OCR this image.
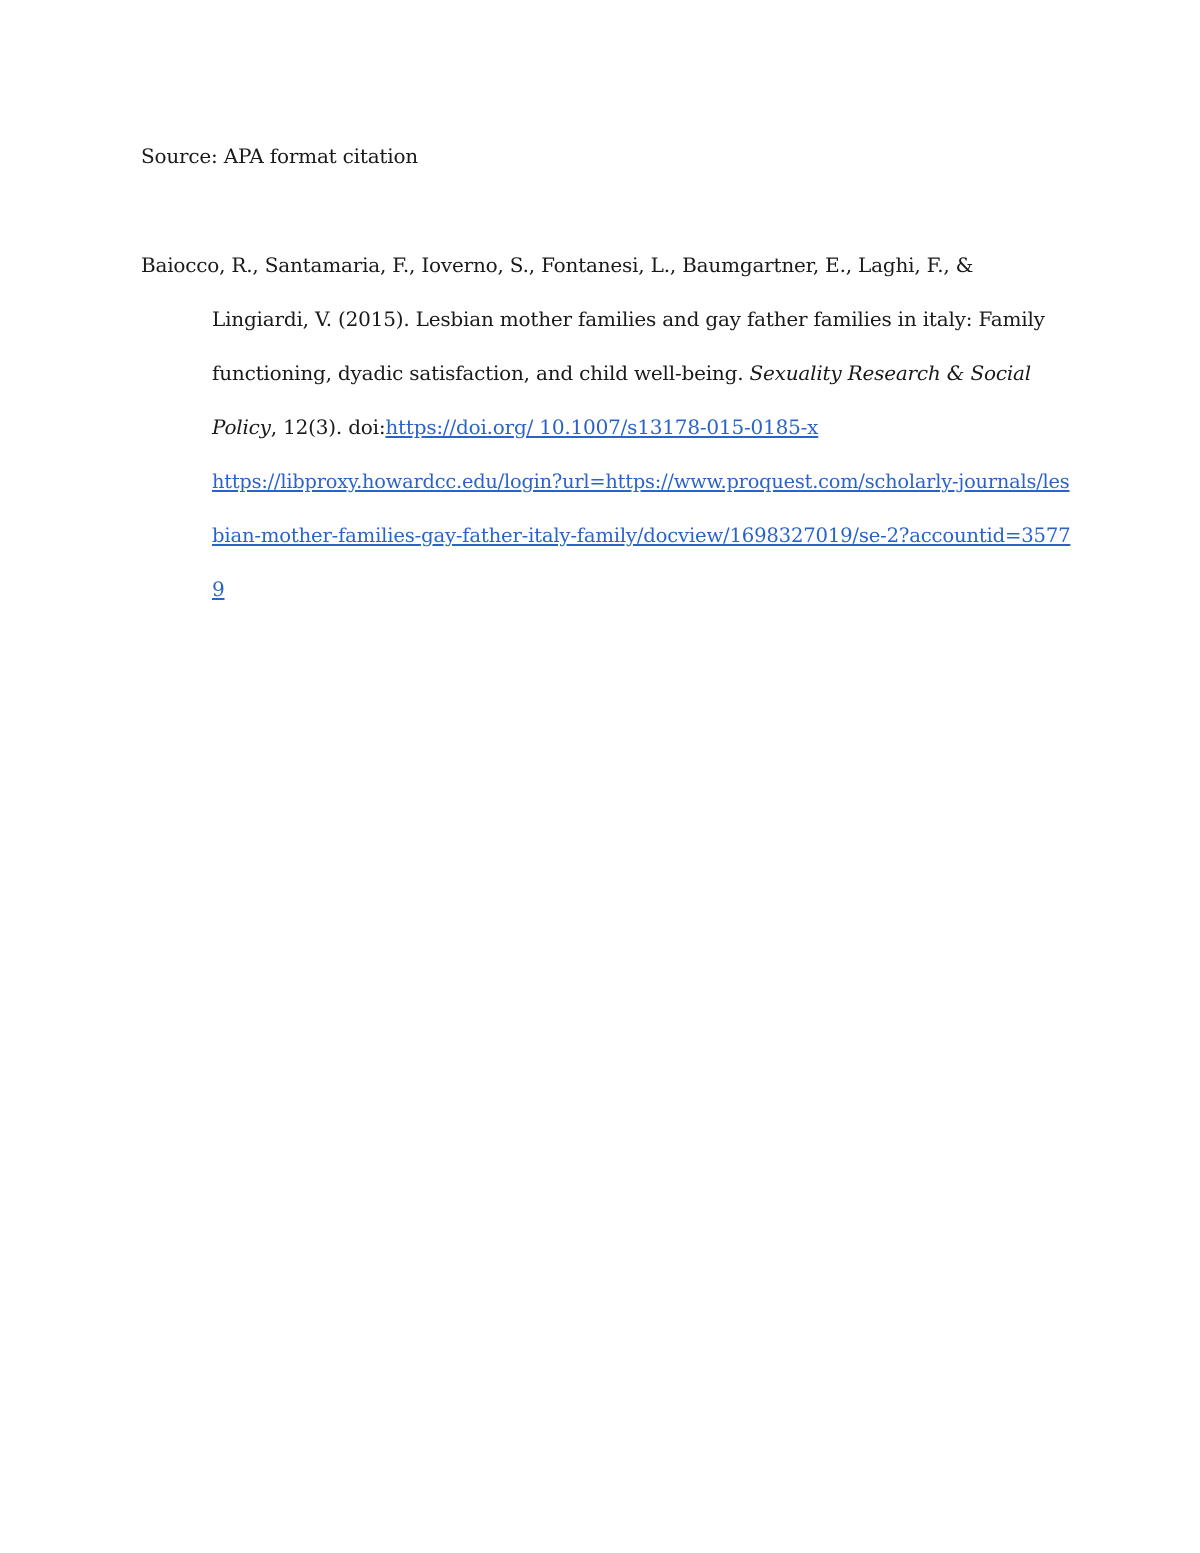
Source: APA format citation
Baiocco, R., Santamaria, F., Ioverno, S., Fontanesi, L., Baumgartner, E., Laghi, F., &
Lingiardi, V. (2015). Lesbian mother families and gay father families in italy: Family
functioning, dyadic satisfaction, and child well-being. Sexuality Research & Social
Policy, 12(3). doi:https://doi.org/ 10.1007/s13178-015-0185-x
https://libproxy.howardcc.edu/login?url=https://www.proquest.com/scholarly-journals/les
bian-mother-families-gay-father-italy-family/docview/1698327019/se-2?accountid=3577
9
